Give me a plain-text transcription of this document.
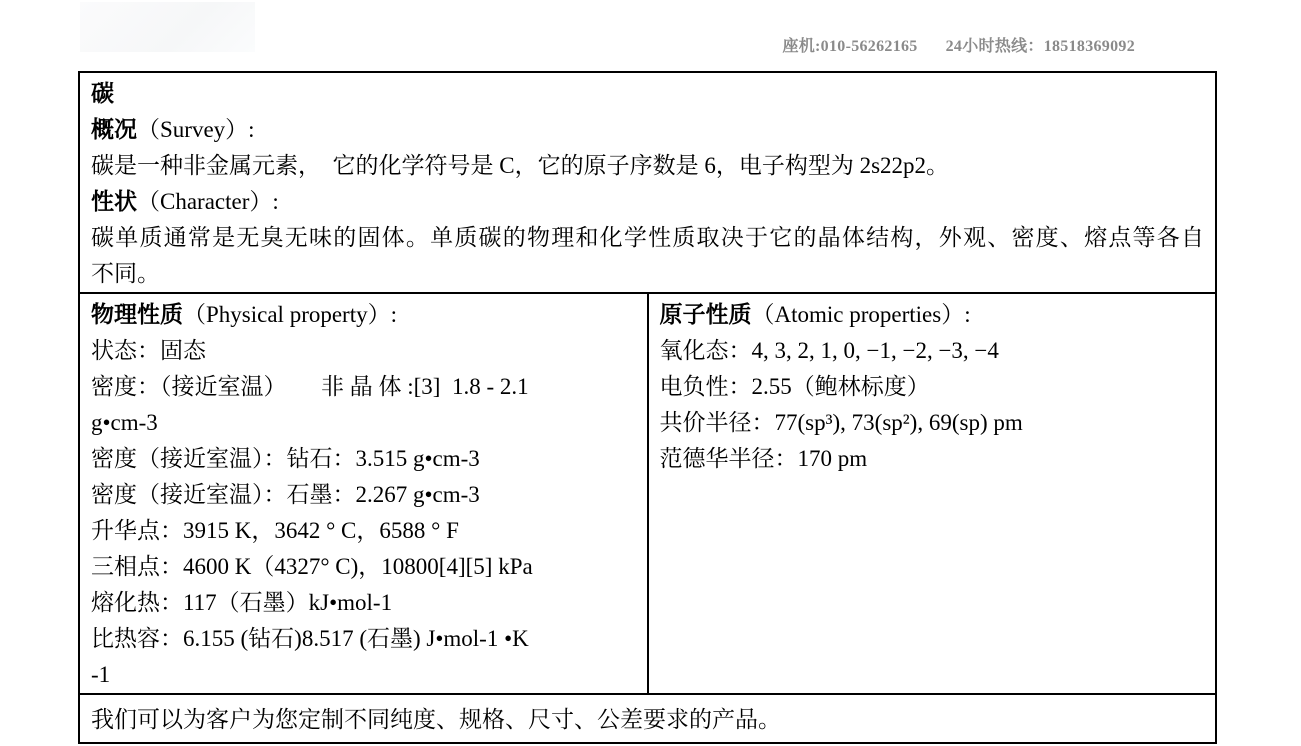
座机:010-56262165 24小时热线：18518369092
碳
概况（Survey）:
碳是一种非金属元素，　它的化学符号是 C，它的原子序数是 6，电子构型为 2s22p2。
性状（Character）:
碳单质通常是无臭无味的固体。单质碳的物理和化学性质取决于它的晶体结构，外观、密度、熔点等各自
不同。

物理性质（Physical property）:
状态：固态
密度：（接近室温）　　非 晶 体 :[3]  1.8 - 2.1
g•cm-3
密度（接近室温）：钻石：3.515 g•cm-3
密度（接近室温）：石墨：2.267 g•cm-3
升华点：3915 K，3642 ° C，6588 ° F
三相点：4600 K（4327° C)，10800[4][5] kPa
熔化热：117（石墨）kJ•mol-1
比热容：6.155 (钻石)8.517 (石墨) J•mol-1 •K
-1

原子性质（Atomic properties）:
氧化态：4, 3, 2, 1, 0, −1, −2, −3, −4
电负性：2.55（鲍林标度）
共价半径：77(sp³), 73(sp²), 69(sp) pm
范德华半径：170 pm

我们可以为客户为您定制不同纯度、规格、尺寸、公差要求的产品。
